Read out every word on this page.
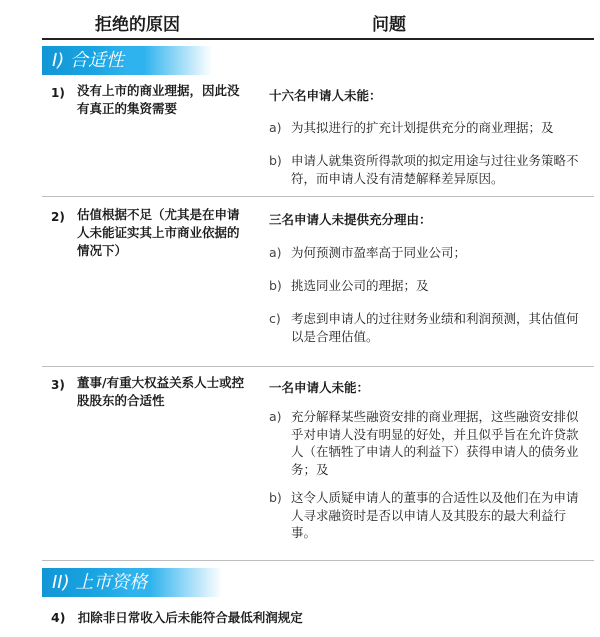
拒绝的原因	问题
I) 合适性
1) 没有上市的商业理据，因此没有真正的集资需要
十六名申请人未能：
a) 为其拟进行的扩充计划提供充分的商业理据；及
b) 申请人就集资所得款项的拟定用途与过往业务策略不符，而申请人没有清楚解释差异原因。
2) 估值根据不足（尤其是在申请人未能证实其上市商业依据的情况下）
三名申请人未提供充分理由：
a) 为何预测市盈率高于同业公司；
b) 挑选同业公司的理据；及
c) 考虑到申请人的过往财务业绩和利润预测，其估值何以是合理估值。
3) 董事/有重大权益关系人士或控股股东的合适性
一名申请人未能：
a) 充分解释某些融资安排的商业理据，这些融资安排似乎对申请人没有明显的好处，并且似乎旨在允许贷款人（在牺牲了申请人的利益下）获得申请人的债务业务；及
b) 这令人质疑申请人的董事的合适性以及他们在为申请人寻求融资时是否以申请人及其股东的最大利益行事。
II) 上市资格
4) 扣除非日常收入后未能符合最低利润规定
